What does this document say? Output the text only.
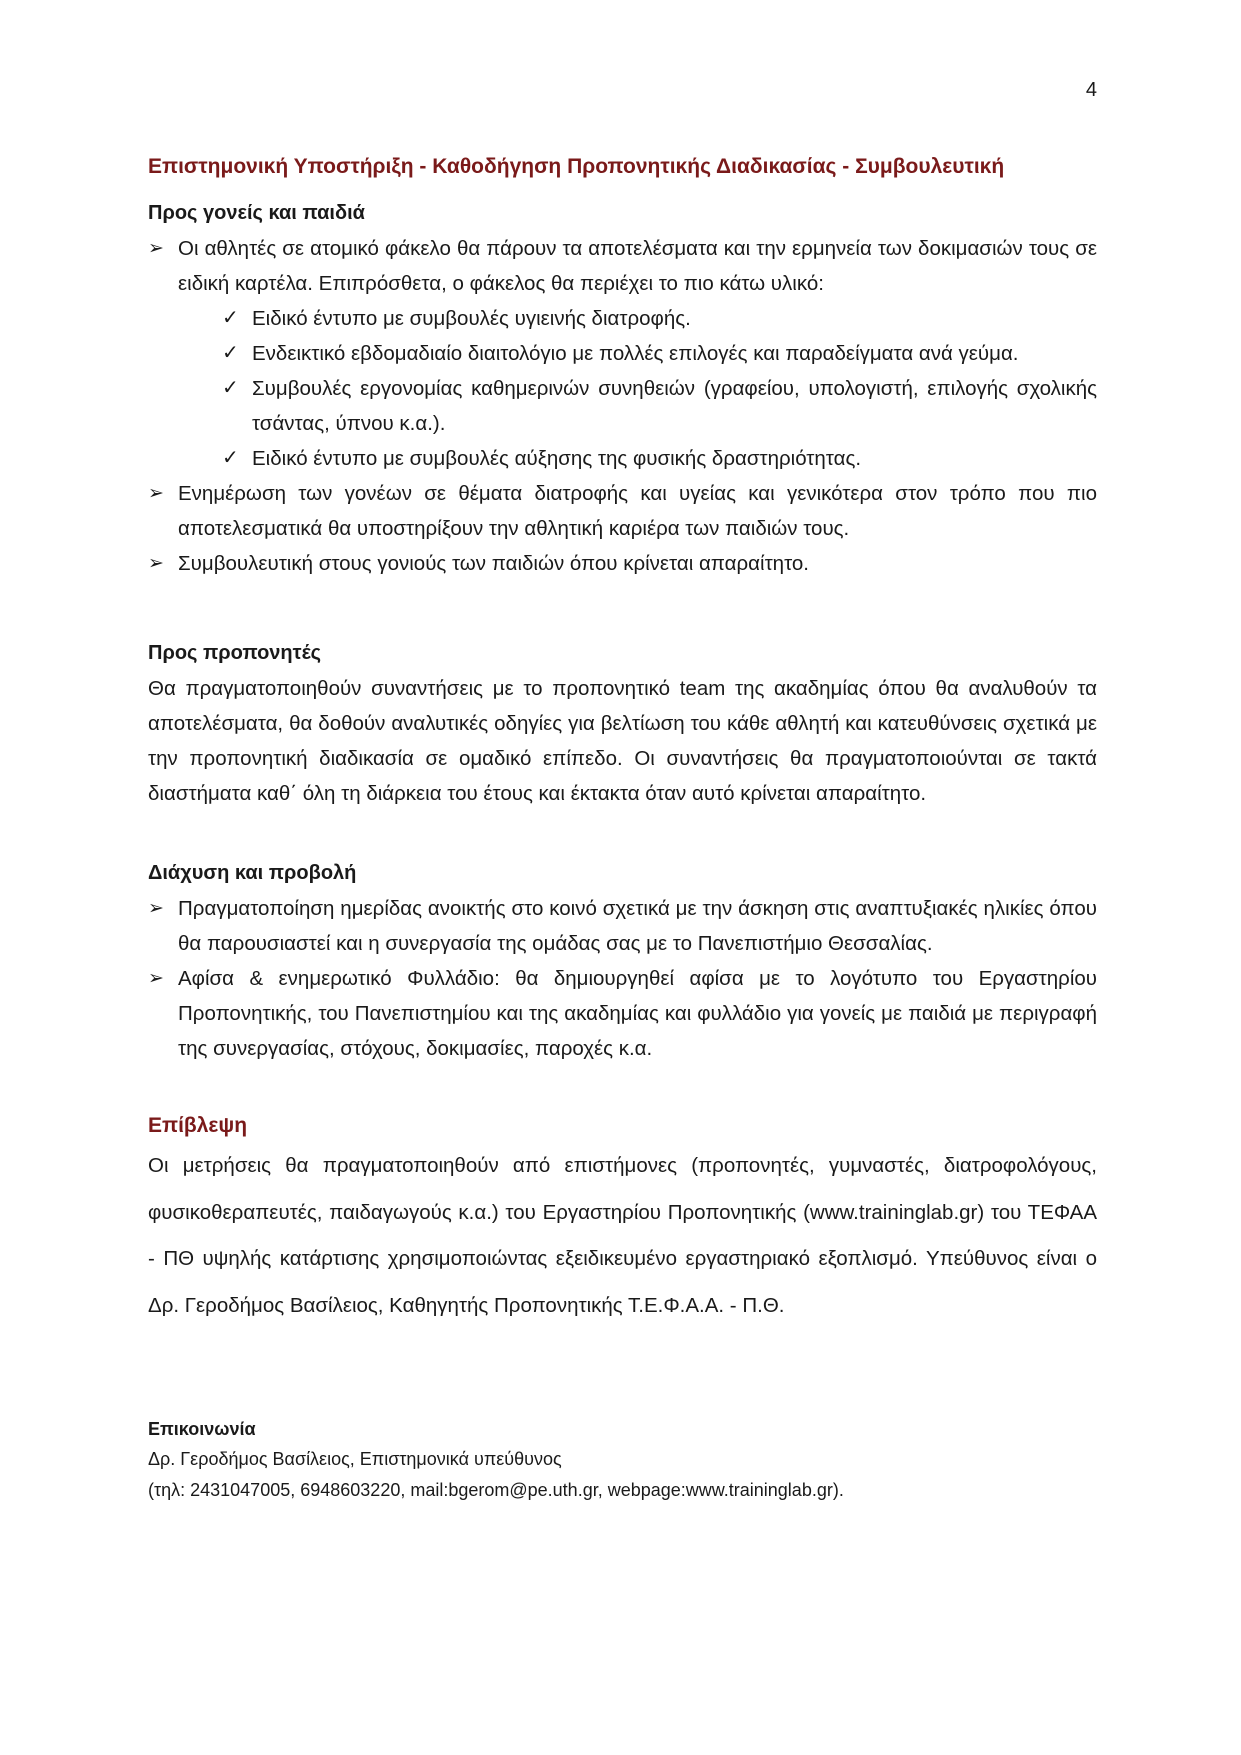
4
Επιστημονική Υποστήριξη - Καθοδήγηση Προπονητικής Διαδικασίας - Συμβουλευτική

Προς γονείς και παιδιά

➢ Οι αθλητές σε ατομικό φάκελο θα πάρουν τα αποτελέσματα και την ερμηνεία των δοκιμασιών τους σε ειδική καρτέλα. Επιπρόσθετα, ο φάκελος θα περιέχει το πιο κάτω υλικό:
✓ Ειδικό έντυπο με συμβουλές υγιεινής διατροφής.
✓ Ενδεικτικό εβδομαδιαίο διαιτολόγιο με πολλές επιλογές και παραδείγματα ανά γεύμα.
✓ Συμβουλές εργονομίας καθημερινών συνηθειών (γραφείου, υπολογιστή, επιλογής σχολικής τσάντας, ύπνου κ.α.).
✓ Ειδικό έντυπο με συμβουλές αύξησης της φυσικής δραστηριότητας.
➢ Ενημέρωση των γονέων σε θέματα διατροφής και υγείας και γενικότερα στον τρόπο που πιο αποτελεσματικά θα υποστηρίξουν την αθλητική καριέρα των παιδιών τους.
➢ Συμβουλευτική στους γονιούς των παιδιών όπου κρίνεται απαραίτητο.

Προς προπονητές

Θα πραγματοποιηθούν συναντήσεις με το προπονητικό team της ακαδημίας όπου θα αναλυθούν τα αποτελέσματα, θα δοθούν αναλυτικές οδηγίες για βελτίωση του κάθε αθλητή και κατευθύνσεις σχετικά με την προπονητική διαδικασία σε ομαδικό επίπεδο. Οι συναντήσεις θα πραγματοποιούνται σε τακτά διαστήματα καθ΄ όλη τη διάρκεια του έτους και έκτακτα όταν αυτό κρίνεται απαραίτητο.

Διάχυση και προβολή

➢ Πραγματοποίηση ημερίδας ανοικτής στο κοινό σχετικά με την άσκηση στις αναπτυξιακές ηλικίες όπου θα παρουσιαστεί και η συνεργασία της ομάδας σας με το Πανεπιστήμιο Θεσσαλίας.
➢ Αφίσα & ενημερωτικό Φυλλάδιο: θα δημιουργηθεί αφίσα με το λογότυπο του Εργαστηρίου Προπονητικής, του Πανεπιστημίου και της ακαδημίας και φυλλάδιο για γονείς με παιδιά με περιγραφή της συνεργασίας, στόχους, δοκιμασίες, παροχές κ.α.

Επίβλεψη

Οι μετρήσεις θα πραγματοποιηθούν από επιστήμονες (προπονητές, γυμναστές, διατροφολόγους, φυσικοθεραπευτές, παιδαγωγούς κ.α.) του Εργαστηρίου Προπονητικής (www.traininglab.gr) του ΤΕΦΑΑ - ΠΘ υψηλής κατάρτισης χρησιμοποιώντας εξειδικευμένο εργαστηριακό εξοπλισμό. Υπεύθυνος είναι ο Δρ. Γεροδήμος Βασίλειος, Καθηγητής Προπονητικής Τ.Ε.Φ.Α.Α. - Π.Θ.

Επικοινωνία

Δρ. Γεροδήμος Βασίλειος, Επιστημονικά υπεύθυνος

(τηλ: 2431047005, 6948603220, mail:bgerom@pe.uth.gr, webpage:www.traininglab.gr).
